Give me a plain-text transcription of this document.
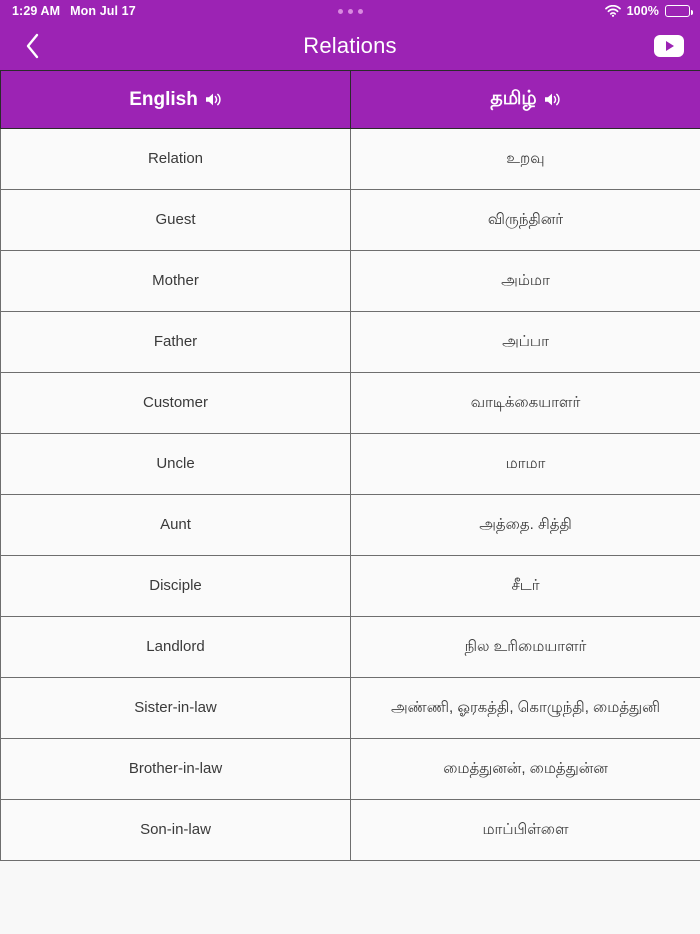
1:29 AM Mon Jul 17	100%
Relations
English	தமிழ்

Relation	உறவு
Guest	விருந்தினர்
Mother	அம்மா
Father	அப்பா
Customer	வாடிக்கையாளர்
Uncle	மாமா
Aunt	அத்தை. சித்தி
Disciple	சீடர்
Landlord	நில உரிமையாளர்
Sister-in-law	அண்ணி, ஓரகத்தி, கொழுந்தி, மைத்துனி
Brother-in-law	மைத்துனன், மைத்துன்ன
Son-in-law	மாப்பிள்ளை
